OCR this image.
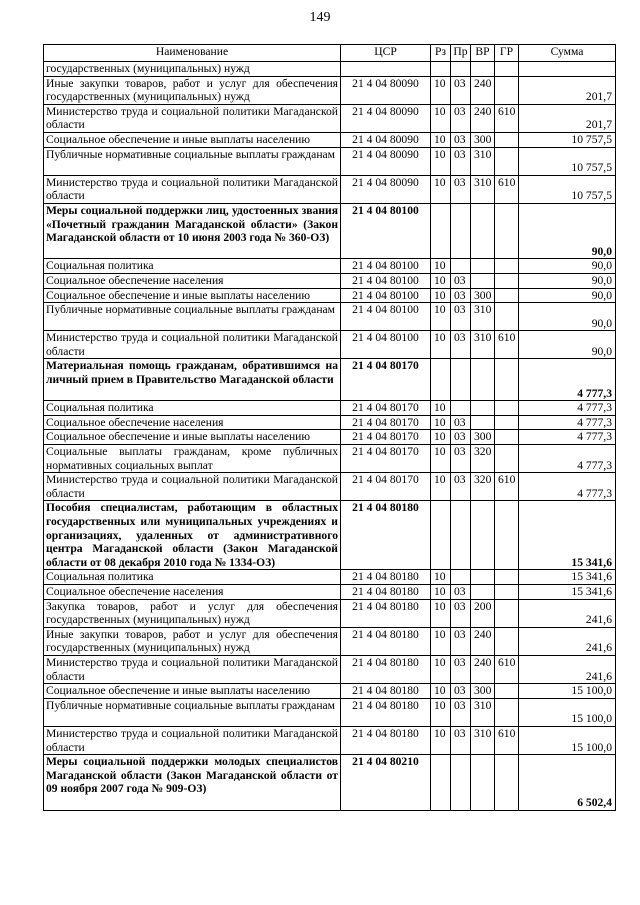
149
Наименование	ЦСР	Рз	Пр	ВР	ГР	Сумма
государственных (муниципальных) нужд						
Иные закупки товаров, работ и услуг для обеспечения государственных (муниципальных) нужд	21 4 04 80090	10	03	240		201,7
Министерство труда и социальной политики Магаданской области	21 4 04 80090	10	03	240	610	201,7
Социальное обеспечение и иные выплаты населению	21 4 04 80090	10	03	300		10 757,5
Публичные нормативные социальные выплаты гражданам	21 4 04 80090	10	03	310		10 757,5
Министерство труда и социальной политики Магаданской области	21 4 04 80090	10	03	310	610	10 757,5
Меры социальной поддержки лиц, удостоенных звания «Почетный гражданин Магаданской области» (Закон Магаданской области от 10 июня 2003 года № 360-ОЗ)	21 4 04 80100					90,0
Социальная политика	21 4 04 80100	10				90,0
Социальное обеспечение населения	21 4 04 80100	10	03			90,0
Социальное обеспечение и иные выплаты населению	21 4 04 80100	10	03	300		90,0
Публичные нормативные социальные выплаты гражданам	21 4 04 80100	10	03	310		90,0
Министерство труда и социальной политики Магаданской области	21 4 04 80100	10	03	310	610	90,0
Материальная помощь гражданам, обратившимся на личный прием в Правительство Магаданской области	21 4 04 80170					4 777,3
Социальная политика	21 4 04 80170	10				4 777,3
Социальное обеспечение населения	21 4 04 80170	10	03			4 777,3
Социальное обеспечение и иные выплаты населению	21 4 04 80170	10	03	300		4 777,3
Социальные выплаты гражданам, кроме публичных нормативных социальных выплат	21 4 04 80170	10	03	320		4 777,3
Министерство труда и социальной политики Магаданской области	21 4 04 80170	10	03	320	610	4 777,3
Пособия специалистам, работающим в областных государственных или муниципальных учреждениях и организациях, удаленных от административного центра Магаданской области (Закон Магаданской области от 08 декабря 2010 года № 1334-ОЗ)	21 4 04 80180					15 341,6
Социальная политика	21 4 04 80180	10				15 341,6
Социальное обеспечение населения	21 4 04 80180	10	03			15 341,6
Закупка товаров, работ и услуг для обеспечения государственных (муниципальных) нужд	21 4 04 80180	10	03	200		241,6
Иные закупки товаров, работ и услуг для обеспечения государственных (муниципальных) нужд	21 4 04 80180	10	03	240		241,6
Министерство труда и социальной политики Магаданской области	21 4 04 80180	10	03	240	610	241,6
Социальное обеспечение и иные выплаты населению	21 4 04 80180	10	03	300		15 100,0
Публичные нормативные социальные выплаты гражданам	21 4 04 80180	10	03	310		15 100,0
Министерство труда и социальной политики Магаданской области	21 4 04 80180	10	03	310	610	15 100,0
Меры социальной поддержки молодых специалистов Магаданской области (Закон Магаданской области от 09 ноября 2007 года № 909-ОЗ)	21 4 04 80210					6 502,4
